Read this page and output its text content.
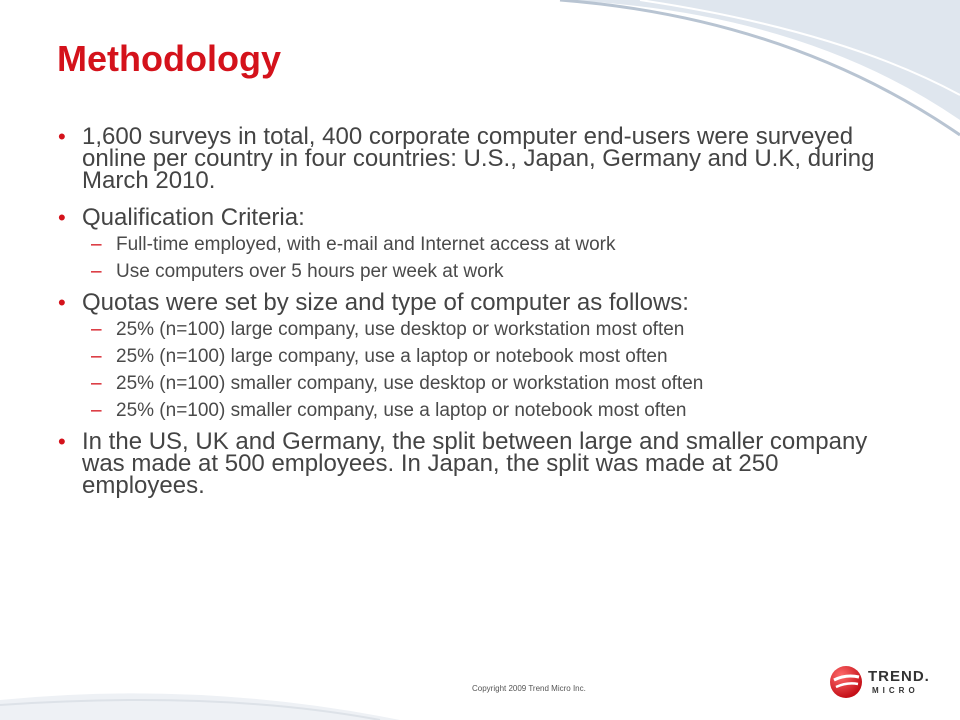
Methodology
• 1,600 surveys in total, 400 corporate computer end-users were surveyed online per country in four countries: U.S., Japan, Germany and U.K, during March 2010.
• Qualification Criteria:
– Full-time employed, with e-mail and Internet access at work
– Use computers over 5 hours per week at work
• Quotas were set by size and type of computer as follows:
– 25% (n=100) large company, use desktop or workstation most often
– 25% (n=100) large company, use a laptop or notebook most often
– 25% (n=100) smaller company, use desktop or workstation most often
– 25% (n=100) smaller company, use a laptop or notebook most often
• In the US, UK and Germany, the split between large and smaller company was made at 500 employees. In Japan, the split was made at 250 employees.
Copyright 2009 Trend Micro Inc.
TREND.
MICRO
